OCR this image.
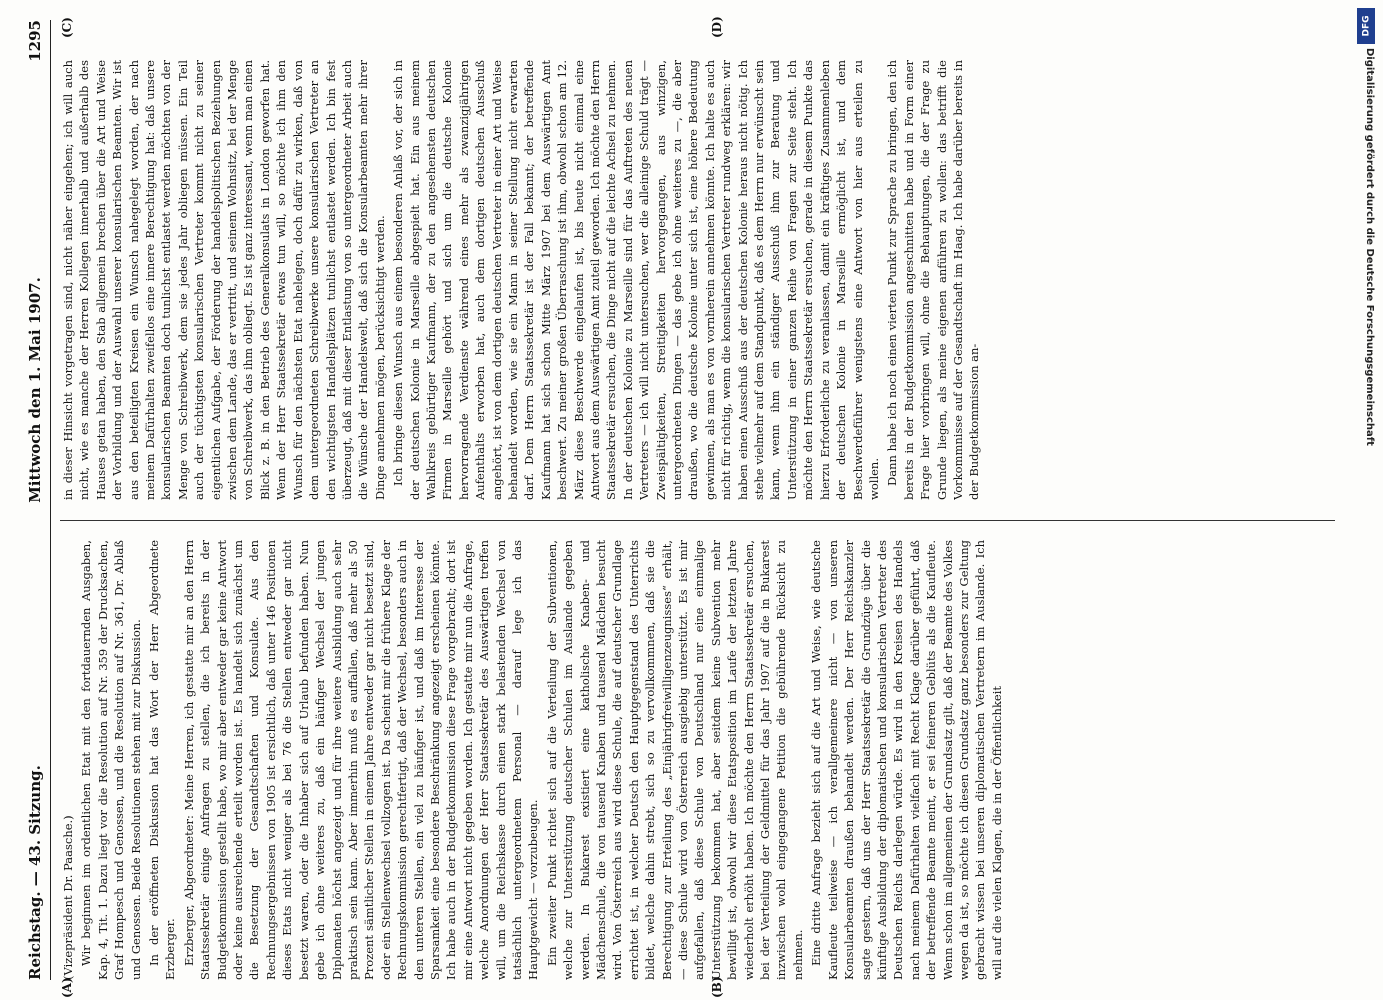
Reichstag. — 43. Sitzung.
Mittwoch den 1. Mai 1907.
1295

(Vizepräsident Dr. Paasche.) Wir beginnen im ordentlichen Etat mit den fortdauernden Ausgaben, Kap. 4, Tit. 1. Dazu liegt vor die Resolution auf Nr. 359 der Drucksachen, Graf Hompesch und Genossen, und die Resolution auf Nr. 361, Dr. Ablaß und Genossen. Beide Resolutionen stehen mit zur Diskussion. In der eröffneten Diskussion hat das Wort der Herr Abgeordnete Erzberger. Erzberger, Abgeordneter: Meine Herren, ich gestatte mir an den Herrn Staatssekretär einige Anfragen zu stellen, die ich bereits in der Budgetkommission gestellt habe, wo mir aber entweder gar keine Antwort oder keine ausreichende erteilt worden ist. Es handelt sich zunächst um die Besetzung der Gesandtschaften und Konsulate. Aus den Rechnungsergebnissen von 1905 ist ersichtlich, daß unter 146 Positionen dieses Etats nicht weniger als bei 76 die Stellen entweder gar nicht besetzt waren, oder die Inhaber sich auf Urlaub befunden haben. Nun gebe ich ohne weiteres zu, daß ein häufiger Wechsel der jungen Diplomaten höchst angezeigt und für ihre weitere Ausbildung auch sehr praktisch sein kann. Aber immerhin muß es auffallen, daß mehr als 50 Prozent sämtlicher Stellen in einem Jahre entweder gar nicht besetzt sind, oder ein Stellenwechsel vollzogen ist. Da scheint mir die frühere Klage der Rechnungskommission gerechtfertigt, daß der Wechsel, besonders auch in den unteren Stellen, ein viel zu häufiger ist, und daß im Interesse der Sparsamkeit eine besondere Beschränkung angezeigt erscheinen könnte. Ich habe auch in der Budgetkommission diese Frage vorgebracht; dort ist mir eine Antwort nicht gegeben worden. Ich gestatte mir nun die Anfrage, welche Anordnungen der Herr Staatssekretär des Auswärtigen treffen will, um die Reichskasse durch einen stark belastenden Wechsel von tatsächlich untergeordnetem Personal — darauf lege ich das Hauptgewicht — vorzubeugen. Ein zweiter Punkt richtet sich auf die Verteilung der Subventionen, welche zur Unterstützung deutscher Schulen im Auslande gegeben werden. In Bukarest existiert eine katholische Knaben- und Mädchenschule, die von tausend Knaben und tausend Mädchen besucht wird. Von Österreich aus wird diese Schule, die auf deutscher Grundlage errichtet ist, in welcher Deutsch den Hauptgegenstand des Unterrichts bildet, welche dahin strebt, sich so zu vervollkommnen, daß sie die Berechtigung zur Erteilung des „Einjährigfreiwilligenzeugnisses“ erhält, — diese Schule wird von Österreich ausgiebig unterstützt. Es ist mir aufgefallen, daß diese Schule von Deutschland nur eine einmalige Unterstützung bekommen hat, aber seitdem keine Subvention mehr bewilligt ist, obwohl wir diese Etatsposition im Laufe der letzten Jahre wiederholt erhöht haben. Ich möchte den Herrn Staatssekretär ersuchen, bei der Verteilung der Geldmittel für das Jahr 1907 auf die in Bukarest inzwischen wohl eingegangene Petition die gebührende Rücksicht zu nehmen. Eine dritte Anfrage bezieht sich auf die Art und Weise, wie deutsche Kaufleute teilweise — ich verallgemeinere nicht — von unseren Konsularbeamten draußen behandelt werden. Der Herr Reichskanzler sagte gestern, daß uns der Herr Staatssekretär die Grundzüge über die künftige Ausbildung der diplomatischen und konsularischen Vertreter des Deutschen Reichs darlegen würde. Es wird in den Kreisen des Handels nach meinem Dafürhalten vielfach mit Recht Klage darüber geführt, daß der betreffende Beamte meint, er sei feineren Geblüts als die Kaufleute. Wenn schon im allgemeinen der Grundsatz gilt, daß der Beamte des Volkes wegen da ist, so möchte ich diesen Grundsatz ganz besonders zur Geltung gebracht wissen bei unseren diplomatischen Vertretern im Auslande. Ich will auf die vielen Klagen, die in der Öffentlichkeit

in dieser Hinsicht vorgetragen sind, nicht näher eingehen; ich will auch nicht, wie es manche der Herren Kollegen innerhalb und außerhalb des Hauses getan haben, den Stab allgemein brechen über die Art und Weise der Vorbildung und der Auswahl unserer konsularischen Beamten. Wir ist aus den beteiligten Kreisen ein Wunsch nahegelegt worden, der nach meinem Dafürhalten zweifellos eine innere Berechtigung hat: daß unsere konsularischen Beamten doch tunlichst entlastet werden möchten von der Menge von Schreibwerk, dem sie jedes Jahr obliegen müssen. Ein Teil auch der tüchtigsten konsularischen Vertreter kommt nicht zu seiner eigentlichen Aufgabe, der Förderung der handelspolitischen Beziehungen zwischen dem Lande, das er vertritt, und seinem Wohnsitz, bei der Menge von Schreibwerk, das ihm obliegt. Es ist ganz interessant, wenn man einen Blick z. B. in den Betrieb des Generalkonsulats in London geworfen hat. Wenn der Herr Staatssekretär etwas tun will, so möchte ich ihm den Wunsch für den nächsten Etat nahelegen, doch dafür zu wirken, daß von dem untergeordneten Schreibwerke unsere konsularischen Vertreter an den wichtigsten Handelsplätzen tunlichst entlastet werden. Ich bin fest überzeugt, daß mit dieser Entlastung von so untergeordneter Arbeit auch die Wünsche der Handelswelt, daß sich die Konsularbeamten mehr ihrer Dinge annehmen mögen, berücksichtigt werden. Ich bringe diesen Wunsch aus einem besonderen Anlaß vor, der sich in der deutschen Kolonie in Marseille abgespielt hat. Ein aus meinem Wahlkreis gebürtiger Kaufmann, der zu den angesehensten deutschen Firmen in Marseille gehört und sich um die deutsche Kolonie hervorragende Verdienste während eines mehr als zwanzigjährigen Aufenthalts erworben hat, auch dem dortigen deutschen Ausschuß angehört, ist von dem dortigen deutschen Vertreter in einer Art und Weise behandelt worden, wie sie ein Mann in seiner Stellung nicht erwarten darf. Dem Herrn Staatssekretär ist der Fall bekannt; der betreffende Kaufmann hat sich schon Mitte März 1907 bei dem Auswärtigen Amt beschwert. Zu meiner großen Überraschung ist ihm, obwohl schon am 12. März diese Beschwerde eingelaufen ist, bis heute nicht einmal eine Antwort aus dem Auswärtigen Amt zuteil geworden. Ich möchte den Herrn Staatssekretär ersuchen, die Dinge nicht auf die leichte Achsel zu nehmen. In der deutschen Kolonie zu Marseille sind für das Auftreten des neuen Vertreters — ich will nicht untersuchen, wer die alleinige Schuld trägt — Zweispältigkeiten, Streitigkeiten hervorgegangen, aus winzigen, untergeordneten Dingen — das gebe ich ohne weiteres zu —, die aber draußen, wo die deutsche Kolonie unter sich ist, eine höhere Bedeutung gewinnen, als man es von vornherein annehmen könnte. Ich halte es auch nicht für richtig, wenn die konsularischen Vertreter rundweg erklären: wir haben einen Ausschuß aus der deutschen Kolonie heraus nicht nötig. Ich stehe vielmehr auf dem Standpunkt, daß es dem Herrn nur erwünscht sein kann, wenn ihm ein ständiger Ausschuß ihm zur Beratung und Unterstützung in einer ganzen Reihe von Fragen zur Seite steht. Ich möchte den Herrn Staatssekretär ersuchen, gerade in diesem Punkte das hierzu Erforderliche zu veranlassen, damit ein kräftiges Zusammenleben der deutschen Kolonie in Marseille ermöglicht ist, und dem Beschwerdeführer wenigstens eine Antwort von hier aus erteilen zu wollen. Dann habe ich noch einen vierten Punkt zur Sprache zu bringen, den ich bereits in der Budgetkommission angeschnitten habe und in Form einer Frage hier vorbringen will, ohne die Behauptungen, die der Frage zu Grunde liegen, als meine eigenen anführen zu wollen: das betrifft die Vorkommnisse auf der Gesandtschaft im Haag. Ich habe darüber bereits in der Budgetkommission an-

(A)	(B)
(C)	(D)	DFG
Digitalisierung gefördert durch die Deutsche Forschungsgemeinschaft
